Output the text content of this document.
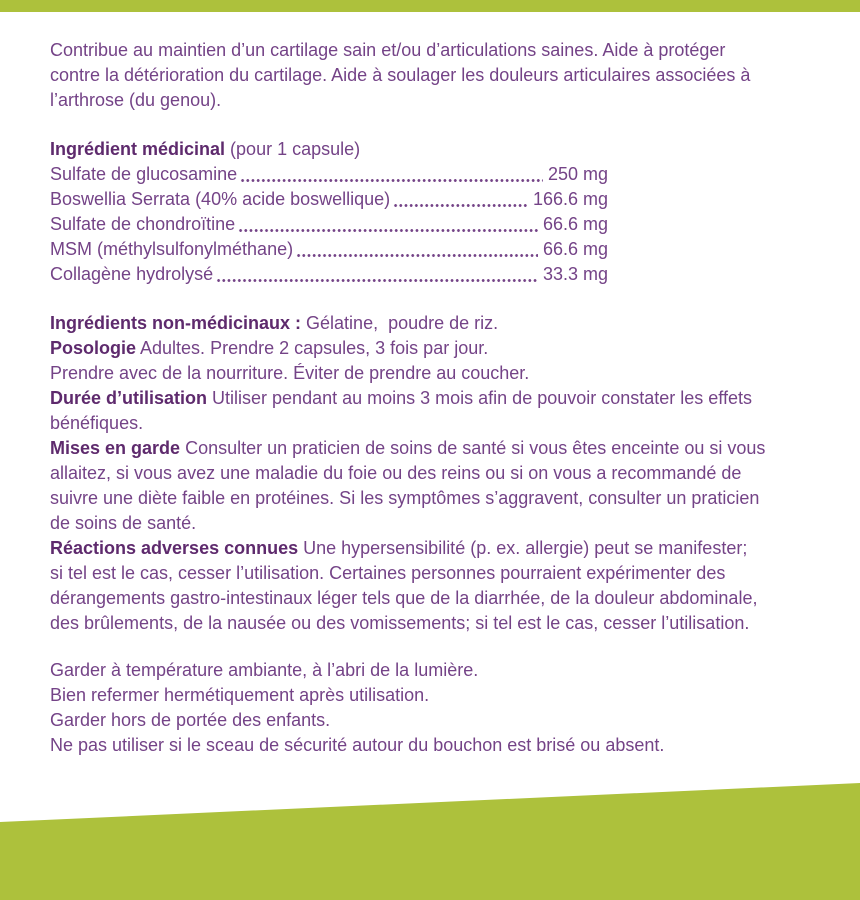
Contribue au maintien d’un cartilage sain et/ou d’articulations saines. Aide à protéger
contre la détérioration du cartilage. Aide à soulager les douleurs articulaires associées à
l’arthrose (du genou).
Ingrédient médicinal (pour 1 capsule)
Sulfate de glucosamine	250 mg
Boswellia Serrata (40% acide boswellique)	166.6 mg
Sulfate de chondroïtine	66.6 mg
MSM (méthylsulfonylméthane)	66.6 mg
Collagène hydrolysé	33.3 mg
Ingrédients non-médicinaux : Gélatine,  poudre de riz.
Posologie Adultes. Prendre 2 capsules, 3 fois par jour.
Prendre avec de la nourriture. Éviter de prendre au coucher.
Durée d’utilisation Utiliser pendant au moins 3 mois afin de pouvoir constater les effets
bénéfiques.
Mises en garde Consulter un praticien de soins de santé si vous êtes enceinte ou si vous
allaitez, si vous avez une maladie du foie ou des reins ou si on vous a recommandé de
suivre une diète faible en protéines. Si les symptômes s’aggravent, consulter un praticien
de soins de santé.
Réactions adverses connues Une hypersensibilité (p. ex. allergie) peut se manifester;
si tel est le cas, cesser l’utilisation. Certaines personnes pourraient expérimenter des
dérangements gastro-intestinaux léger tels que de la diarrhée, de la douleur abdominale,
des brûlements, de la nausée ou des vomissements; si tel est le cas, cesser l’utilisation.
Garder à température ambiante, à l’abri de la lumière.
Bien refermer hermétiquement après utilisation.
Garder hors de portée des enfants.
Ne pas utiliser si le sceau de sécurité autour du bouchon est brisé ou absent.
